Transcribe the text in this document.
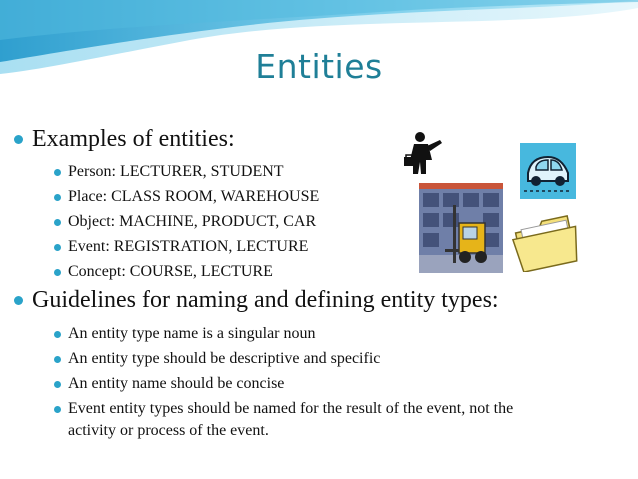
Entities
Examples of entities:
Person: LECTURER, STUDENT
Place: CLASS ROOM, WAREHOUSE
Object: MACHINE, PRODUCT, CAR
Event: REGISTRATION, LECTURE
Concept: COURSE, LECTURE
Guidelines for naming and defining entity types:
An entity type name is a singular noun
An entity type should be descriptive and specific
An entity name should be concise
Event entity types should be named for the result of the event, not the
activity or process of the event.
